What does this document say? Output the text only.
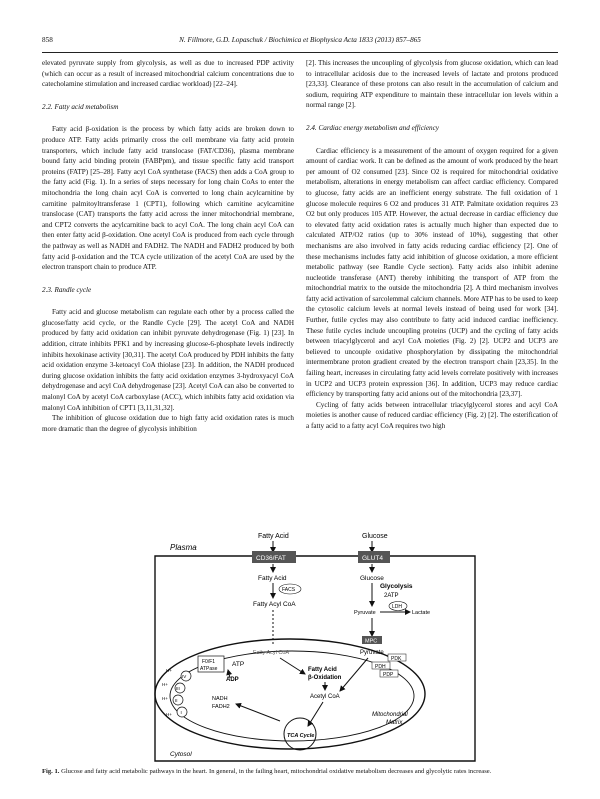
858	N. Fillmore, G.D. Lopaschuk / Biochimica et Biophysica Acta 1833 (2013) 857–865

elevated pyruvate supply from glycolysis, as well as due to increased PDP activity (which can occur as a result of increased mitochondrial calcium concentrations due to catecholamine stimulation and increased cardiac workload) [22–24].

2.2. Fatty acid metabolism

Fatty acid β-oxidation is the process by which fatty acids are broken down to produce ATP. Fatty acids primarily cross the cell membrane via fatty acid protein transporters, which include fatty acid translocase (FAT/CD36), plasma membrane bound fatty acid binding protein (FABPpm), and tissue specific fatty acid transport proteins (FATP) [25–28]. Fatty acyl CoA synthetase (FACS) then adds a CoA group to the fatty acid (Fig. 1). In a series of steps necessary for long chain CoAs to enter the mitochondria the long chain acyl CoA is converted to long chain acylcarnitine by carnitine palmitoyltransferase 1 (CPT1), following which carnitine acylcarnitine translocase (CAT) transports the fatty acid across the inner mitochondrial membrane, and CPT2 converts the acylcarnitine back to acyl CoA. The long chain acyl CoA can then enter fatty acid β-oxidation. One acetyl CoA is produced from each cycle through the pathway as well as NADH and FADH2. The NADH and FADH2 produced by both fatty acid β-oxidation and the TCA cycle utilization of the acetyl CoA are used by the electron transport chain to produce ATP.

2.3. Randle cycle

Fatty acid and glucose metabolism can regulate each other by a process called the glucose/fatty acid cycle, or the Randle Cycle [29]. The acetyl CoA and NADH produced by fatty acid oxidation can inhibit pyruvate dehydrogenase (Fig. 1) [23]. In addition, citrate inhibits PFK1 and by increasing glucose-6-phosphate levels indirectly inhibits hexokinase activity [30,31]. The acetyl CoA produced by PDH inhibits the fatty acid oxidation enzyme 3-ketoacyl CoA thiolase [23]. In addition, the NADH produced during glucose oxidation inhibits the fatty acid oxidation enzymes 3-hydroxyacyl CoA dehydrogenase and acyl CoA dehydrogenase [23]. Acetyl CoA can also be converted to malonyl CoA by acetyl CoA carboxylase (ACC), which inhibits fatty acid oxidation via malonyl CoA inhibition of CPT1 [3,11,31,32].

The inhibition of glucose oxidation due to high fatty acid oxidation rates is much more dramatic than the degree of glycolysis inhibition

[2]. This increases the uncoupling of glycolysis from glucose oxidation, which can lead to intracellular acidosis due to the increased levels of lactate and protons produced [23,33]. Clearance of these protons can also result in the accumulation of calcium and sodium, requiring ATP expenditure to maintain these intracellular ion levels within a normal range [2].

2.4. Cardiac energy metabolism and efficiency

Cardiac efficiency is a measurement of the amount of oxygen required for a given amount of cardiac work. It can be defined as the amount of work produced by the heart per amount of O2 consumed [23]. Since O2 is required for mitochondrial oxidative metabolism, alterations in energy metabolism can affect cardiac efficiency. Compared to glucose, fatty acids are an inefficient energy substrate. The full oxidation of 1 glucose molecule requires 6 O2 and produces 31 ATP. Palmitate oxidation requires 23 O2 but only produces 105 ATP. However, the actual decrease in cardiac efficiency due to elevated fatty acid oxidation rates is actually much higher than expected due to calculated ATP/O2 ratios (up to 30% instead of 10%), suggesting that other mechanisms are also involved in fatty acids reducing cardiac efficiency [2]. One of these mechanisms includes fatty acid inhibition of glucose oxidation, a more efficient metabolic pathway (see Randle Cycle section). Fatty acids also inhibit adenine nucleotide transferase (ANT) thereby inhibiting the transport of ATP from the mitochondrial matrix to the outside the mitochondria [2]. A third mechanism involves fatty acid activation of sarcolemmal calcium channels. More ATP has to be used to keep the cytosolic calcium levels at normal levels instead of being used for work [34]. Further, futile cycles may also contribute to fatty acid induced cardiac inefficiency. These futile cycles include uncoupling proteins (UCP) and the cycling of fatty acids between triacylglycerol and acyl CoA moieties (Fig. 2) [2]. UCP2 and UCP3 are believed to uncouple oxidative phosphorylation by dissipating the mitochondrial intermembrane proton gradient created by the electron transport chain [23,35]. In the failing heart, increases in circulating fatty acid levels correlate positively with increases in UCP2 and UCP3 protein expression [36]. In addition, UCP3 may reduce cardiac efficiency by transporting fatty acid anions out of the mitochondria [23,37].

Cycling of fatty acids between intracellular triacylglycerol stores and acyl CoA moieties is another cause of reduced cardiac efficiency (Fig. 2) [2]. The esterification of a fatty acid to a fatty acyl CoA requires two high

Fatty Acid	Glucose
Plasma
CD36/FAT	GLUT4
Fatty Acid
FACS
Fatty Acyl CoA
Glucose
Glycolysis
2ATP
Pyruvate
LDH
Lactate
MPC
Pyruvate
PDK
PDH
PDP
Fatty Acyl CoA
Fatty Acid
β-Oxidation
Acetyl CoA
TCA Cycle
Mitochondrial
Matrix
Cytosol
F0/F1
ATPase
ATP
ADP
IV
III
II
I
H+
H+
H+
H+
NADH
FADH2
Fig. 1. Glucose and fatty acid metabolic pathways in the heart. In general, in the failing heart, mitochondrial oxidative metabolism decreases and glycolytic rates increase.
